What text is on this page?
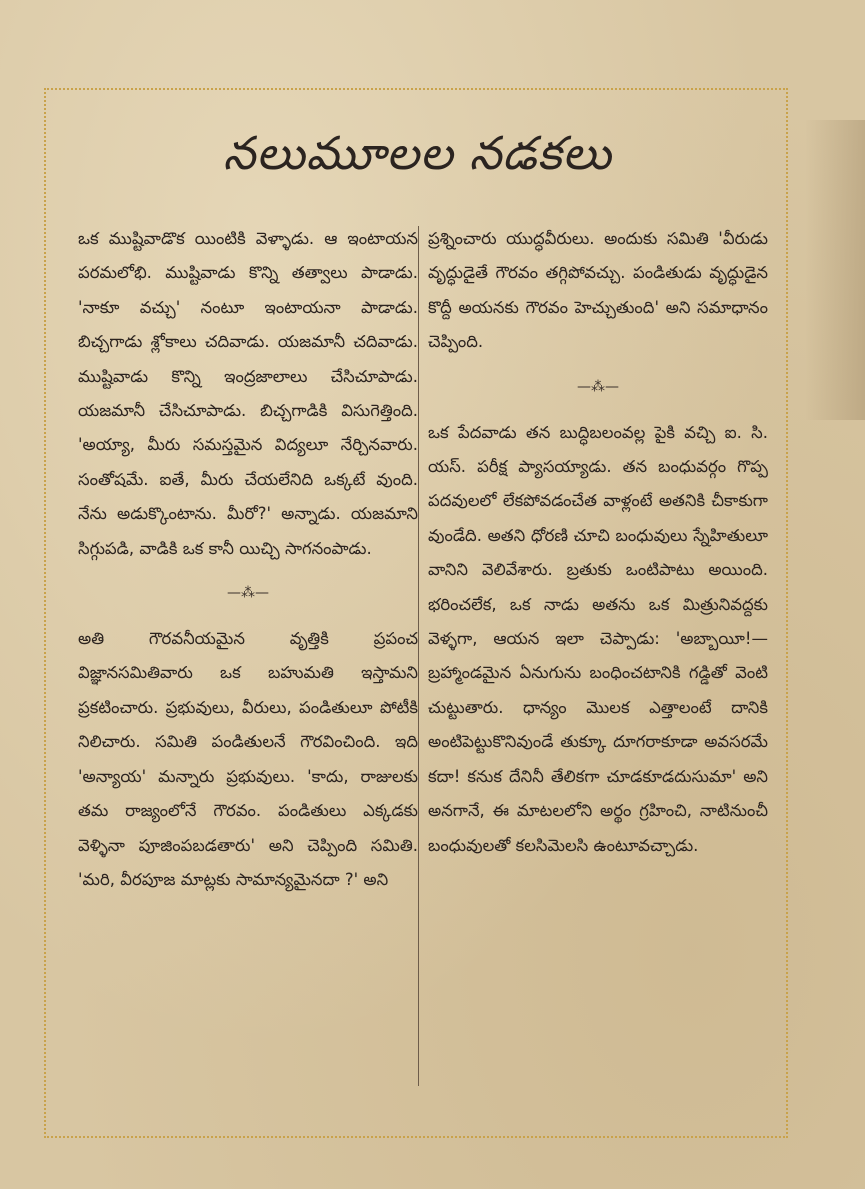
నలుమూలల నడకలు

ఒక ముష్టివాడొక యింటికి వెళ్ళాడు. ఆ ఇంటాయన పరమలోభి. ముష్టివాడు కొన్ని తత్వాలు పాడాడు. 'నాకూ వచ్చు' నంటూ ఇంటాయనా పాడాడు. బిచ్చగాడు శ్లోకాలు చదివాడు. యజమానీ చదివాడు. ముష్టివాడు కొన్ని ఇంద్రజాలాలు చేసిచూపాడు. యజమానీ చేసిచూపాడు. బిచ్చగాడికి విసుగెత్తింది. 'అయ్యా, మీరు సమస్తమైన విద్యలూ నేర్చినవారు. సంతోషమే. ఐతే, మీరు చేయలేనిది ఒక్కటే వుంది. నేను అడుక్కొంటాను. మీరో?' అన్నాడు. యజమాని సిగ్గుపడి, వాడికి ఒక కానీ యిచ్చి సాగనంపాడు.

—⁂—

అతి గౌరవనీయమైన వృత్తికి ప్రపంచ విజ్ఞానసమితివారు ఒక బహుమతి ఇస్తామని ప్రకటించారు. ప్రభువులు, వీరులు, పండితులూ పోటీకి నిలిచారు. సమితి పండితులనే గౌరవించింది. ఇది 'అన్యాయ' మన్నారు ప్రభువులు. 'కాదు, రాజులకు తమ రాజ్యంలోనే గౌరవం. పండితులు ఎక్కడకు వెళ్ళినా పూజింపబడతారు' అని చెప్పింది సమితి. 'మరి, వీరపూజ మాట్లకు సామాన్యమైనదా ?' అని

ప్రశ్నించారు యుద్ధవీరులు. అందుకు సమితి 'వీరుడు వృద్ధుడైతే గౌరవం తగ్గిపోవచ్చు. పండితుడు వృద్ధుడైన కొద్దీ అయనకు గౌరవం హెచ్చుతుంది' అని సమాధానం చెప్పింది.

—⁂—

ఒక పేదవాడు తన బుద్ధిబలంవల్ల పైకి వచ్చి ఐ. సి. యస్. పరీక్ష ప్యాసయ్యాడు. తన బంధువర్గం గొప్ప పదవులలో లేకపోవడంచేత వాళ్లంటే అతనికి చీకాకుగా వుండేది. అతని ధోరణి చూచి బంధువులు స్నేహితులూ వానిని వెలివేశారు. బ్రతుకు ఒంటిపాటు అయింది. భరించలేక, ఒక నాడు అతను ఒక మిత్రునివద్దకు వెళ్ళగా, ఆయన ఇలా చెప్పాడు: 'అబ్బాయీ!—బ్రహ్మాండమైన ఏనుగును బంధించటానికి గడ్డితో వెంటి చుట్టుతారు. ధాన్యం మొలక ఎత్తాలంటే దానికి అంటిపెట్టుకొనివుండే తుక్కూ దూగరాకూడా అవసరమే కదా! కనుక దేనినీ తేలికగా చూడకూడదుసుమా' అని అనగానే, ఈ మాటలలోని అర్థం గ్రహించి, నాటినుంచీ బంధువులతో కలసిమెలసి ఉంటూవచ్చాడు.
